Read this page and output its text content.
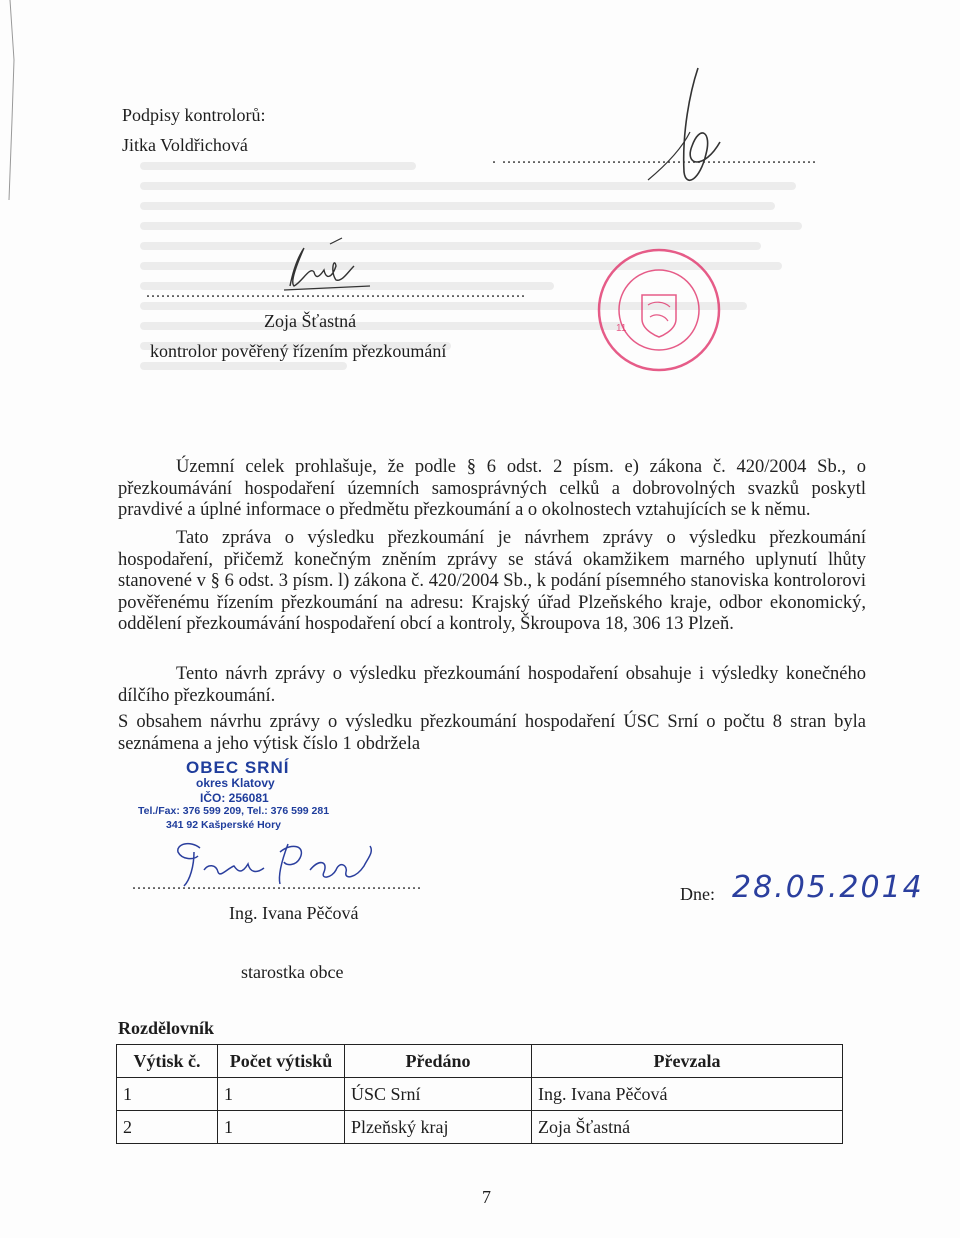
Podpisy kontrolorů:
Jitka Voldřichová
. ...............................................................
............................................................................
Zoja Šťastná
kontrolor pověřený řízením přezkoumání
11

Územní celek prohlašuje, že podle § 6 odst. 2 písm. e) zákona č. 420/2004 Sb., o přezkoumávání hospodaření územních samosprávných celků a dobrovolných svazků poskytl pravdivé a úplné informace o předmětu přezkoumání a o okolnostech vztahujících se k němu.

Tato zpráva o výsledku přezkoumání je návrhem zprávy o výsledku přezkoumání hospodaření, přičemž konečným zněním zprávy se stává okamžikem marného uplynutí lhůty stanovené v § 6 odst. 3 písm. l) zákona č. 420/2004 Sb., k podání písemného stanoviska kontrolorovi pověřenému řízením přezkoumání na adresu: Krajský úřad Plzeňského kraje, odbor ekonomický, oddělení přezkoumávání hospodaření obcí a kontroly, Škroupova 18, 306 13 Plzeň.

Tento návrh zprávy o výsledku přezkoumání hospodaření obsahuje i výsledky konečného dílčího přezkoumání.

S obsahem návrhu zprávy o výsledku přezkoumání hospodaření ÚSC Srní o počtu 8 stran byla seznámena a jeho výtisk číslo 1 obdržela

OBEC SRNÍ
okres Klatovy
IČO: 256081
Tel./Fax: 376 599 209, Tel.: 376 599 281
341 92 Kašperské Hory
..........................................................
Ing. Ivana Pěčová
starostka obce
Dne: 28.05.2014
Rozdělovník
Výtisk č.	Počet výtisků	Předáno	Převzala
1	1	ÚSC Srní	Ing. Ivana Pěčová
2	1	Plzeňský kraj	Zoja Šťastná
7
